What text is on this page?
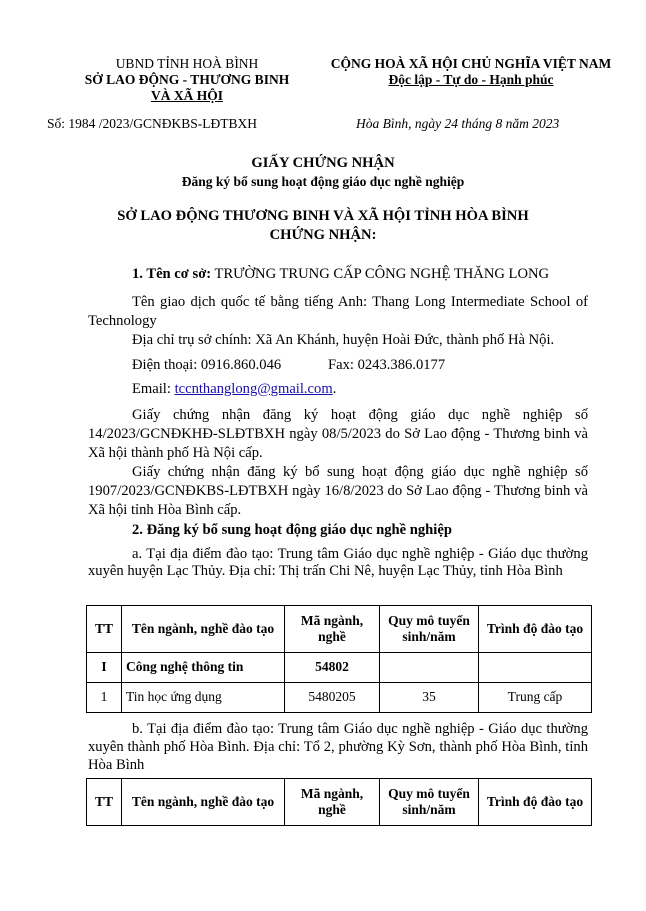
UBND TỈNH HOÀ BÌNH
SỞ LAO ĐỘNG - THƯƠNG BINH
VÀ XÃ HỘI
CỘNG HOÀ XÃ HỘI CHỦ NGHĨA VIỆT NAM
Độc lập - Tự do - Hạnh phúc
Số: 1984 /2023/GCNĐKBS-LĐTBXH	Hòa Bình, ngày 24 tháng 8 năm 2023
GIẤY CHỨNG NHẬN
Đăng ký bổ sung hoạt động giáo dục nghề nghiệp
SỞ LAO ĐỘNG THƯƠNG BINH VÀ XÃ HỘI TỈNH HÒA BÌNH
CHỨNG NHẬN:
1. Tên cơ sở: TRƯỜNG TRUNG CẤP CÔNG NGHỆ THĂNG LONG
Tên giao dịch quốc tế bằng tiếng Anh: Thang Long Intermediate School of Technology
Địa chỉ trụ sở chính: Xã An Khánh, huyện Hoài Đức, thành phố Hà Nội.
Điện thoại: 0916.860.046	Fax: 0243.386.0177
Email: tccnthanglong@gmail.com.
Giấy chứng nhận đăng ký hoạt động giáo dục nghề nghiệp số 14/2023/GCNĐKHĐ-SLĐTBXH ngày 08/5/2023 do Sở Lao động - Thương binh và Xã hội thành phố Hà Nội cấp.
Giấy chứng nhận đăng ký bổ sung hoạt động giáo dục nghề nghiệp số 1907/2023/GCNĐKBS-LĐTBXH ngày 16/8/2023 do Sở Lao động - Thương binh và Xã hội tỉnh Hòa Bình cấp.
2. Đăng ký bổ sung hoạt động giáo dục nghề nghiệp
a. Tại địa điểm đào tạo: Trung tâm Giáo dục nghề nghiệp - Giáo dục thường xuyên huyện Lạc Thủy. Địa chỉ: Thị trấn Chi Nê, huyện Lạc Thủy, tỉnh Hòa Bình
TT	Tên ngành, nghề đào tạo	Mã ngành, nghề	Quy mô tuyển sinh/năm	Trình độ đào tạo
I	Công nghệ thông tin	54802		
1	Tin học ứng dụng	5480205	35	Trung cấp
b. Tại địa điểm đào tạo: Trung tâm Giáo dục nghề nghiệp - Giáo dục thường xuyên thành phố Hòa Bình. Địa chỉ: Tổ 2, phường Kỳ Sơn, thành phố Hòa Bình, tỉnh Hòa Bình
TT	Tên ngành, nghề đào tạo	Mã ngành, nghề	Quy mô tuyển sinh/năm	Trình độ đào tạo
